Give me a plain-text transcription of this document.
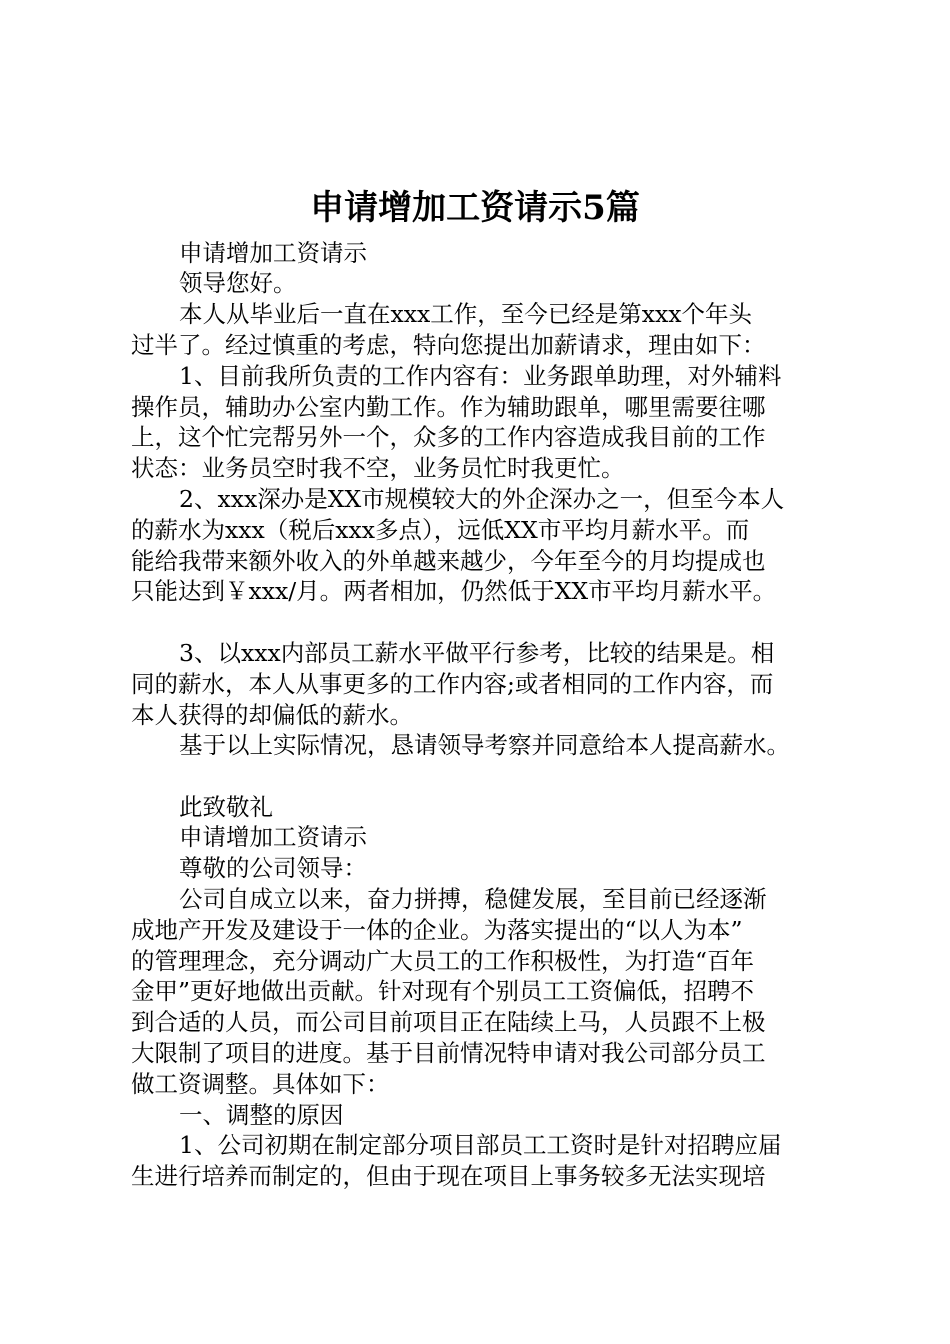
申请增加工资请示5篇

申请增加工资请示

领导您好。

本人从毕业后一直在xxx工作，至今已经是第xxx个年头

过半了。经过慎重的考虑，特向您提出加薪请求，理由如下：

1、目前我所负责的工作内容有：业务跟单助理，对外辅料

操作员，辅助办公室内勤工作。作为辅助跟单，哪里需要往哪

上，这个忙完帮另外一个，众多的工作内容造成我目前的工作

状态：业务员空时我不空，业务员忙时我更忙。

2、xxx深办是XX市规模较大的外企深办之一，但至今本人

的薪水为xxx（税后xxx多点），远低XX市平均月薪水平。而

能给我带来额外收入的外单越来越少，今年至今的月均提成也

只能达到￥xxx/月。两者相加，仍然低于XX市平均月薪水平。

3、以xxx内部员工薪水平做平行参考，比较的结果是。相

同的薪水，本人从事更多的工作内容;或者相同的工作内容，而

本人获得的却偏低的薪水。

基于以上实际情况，恳请领导考察并同意给本人提高薪水。

此致敬礼

申请增加工资请示

尊敬的公司领导：

公司自成立以来，奋力拼搏，稳健发展，至目前已经逐渐

成地产开发及建设于一体的企业。为落实提出的“以人为本”

的管理理念，充分调动广大员工的工作积极性，为打造“百年

金甲”更好地做出贡献。针对现有个别员工工资偏低，招聘不

到合适的人员，而公司目前项目正在陆续上马，人员跟不上极

大限制了项目的进度。基于目前情况特申请对我公司部分员工

做工资调整。具体如下：

一、调整的原因

1、公司初期在制定部分项目部员工工资时是针对招聘应届

生进行培养而制定的，但由于现在项目上事务较多无法实现培
